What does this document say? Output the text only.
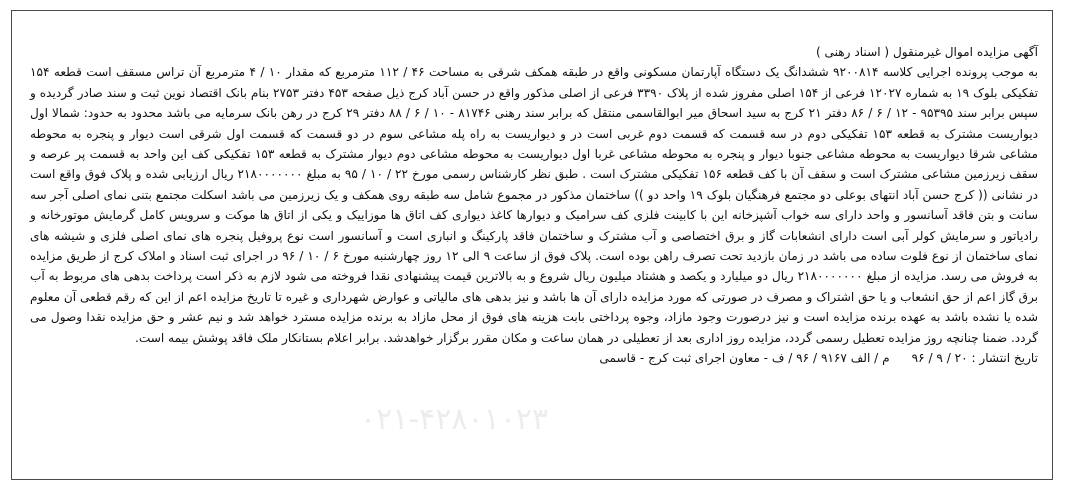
آگهی مزایده اموال غیرمنقول ( اسناد رهنی )

به موجب پرونده اجرایی کلاسه ۹۲۰۰۸۱۴ ششدانگ یک دستگاه آپارتمان مسکونی واقع در طبقه همکف شرقی به مساحت ۴۶ / ۱۱۲ مترمربع که مقدار ۱۰ / ۴ مترمربع آن تراس مسقف است قطعه ۱۵۴ تفکیکی بلوک ۱۹ به شماره ۱۲۰۲۷ فرعی از ۱۵۴ اصلی مفروز شده از پلاک ۳۳۹۰ فرعی از اصلی مذکور واقع در حسن آباد کرج ذیل صفحه ۴۵۳ دفتر ۲۷۵۳ بنام بانک اقتصاد نوین ثبت و سند صادر گردیده و سپس برابر سند ۹۵۳۹۵ - ۱۲ / ۶ / ۸۶ دفتر ۲۱ کرج به سید اسحاق میر ابوالقاسمی منتقل که برابر سند رهنی ۸۱۷۴۶ - ۱۰ / ۶ / ۸۸ دفتر ۲۹ کرج در رهن بانک سرمایه می باشد محدود به حدود: شمالا اول دیواریست مشترک به قطعه ۱۵۳ تفکیکی دوم در سه قسمت که قسمت دوم غربی است در و دیواریست به راه پله مشاعی سوم در دو قسمت که قسمت اول شرقی است دیوار و پنجره به محوطه مشاعی شرقا دیواریست به محوطه مشاعی جنوبا دیوار و پنجره به محوطه مشاعی غربا اول دیواریست به محوطه مشاعی دوم دیوار مشترک به قطعه ۱۵۳ تفکیکی کف این واحد به قسمت پر عرصه و سقف زیرزمین مشاعی مشترک است و سقف آن با کف قطعه ۱۵۶ تفکیکی مشترک است . طبق نظر کارشناس رسمی مورخ ۲۲ / ۱۰ / ۹۵ به مبلغ ۲۱۸۰۰۰۰۰۰۰ ریال ارزیابی شده و پلاک فوق واقع است در نشانی (( کرج حسن آباد انتهای بوعلی دو مجتمع فرهنگیان بلوک ۱۹ واحد دو )) ساختمان مذکور در مجموع شامل سه طبقه روی همکف و یک زیرزمین می باشد اسکلت مجتمع بتنی نمای اصلی آجر سه سانت و بتن فاقد آسانسور و واحد دارای سه خواب آشپزخانه این با کابینت فلزی کف سرامیک و دیوارها کاغذ دیواری کف اتاق ها موزاییک و یکی از اتاق ها موکت و سرویس کامل گرمایش موتورخانه و رادیاتور و سرمایش کولر آبی است دارای انشعابات گاز و برق اختصاصی و آب مشترک و ساختمان فاقد پارکینگ و انباری است و آسانسور است نوع پروفیل پنجره های نمای اصلی فلزی و شیشه های نمای ساختمان از نوع فلوت ساده می باشد در زمان بازدید تحت تصرف راهن بوده است. پلاک فوق از ساعت ۹ الی ۱۲ روز چهارشنبه مورخ ۶ / ۱۰ / ۹۶ در اجرای ثبت اسناد و املاک کرج از طریق مزایده به فروش می رسد. مزایده از مبلغ ۲۱۸۰۰۰۰۰۰۰ ریال دو میلیارد و یکصد و هشتاد میلیون ریال شروع و به بالاترین قیمت پیشنهادی نقدا فروخته می شود لازم به ذکر است پرداخت بدهی های مربوط به آب برق گاز اعم از حق انشعاب و یا حق اشتراک و مصرف در صورتی که مورد مزایده دارای آن ها باشد و نیز بدهی های مالیاتی و عوارض شهرداری و غیره تا تاریخ مزایده اعم از این که رقم قطعی آن معلوم شده یا نشده باشد به عهده برنده مزایده است و نیز درصورت وجود مازاد، وجوه پرداختی بابت هزینه های فوق از محل مازاد به برنده مزایده مسترد خواهد شد و نیم عشر و حق مزایده نقدا وصول می گردد. ضمنا چنانچه روز مزایده تعطیل رسمی گردد، مزایده روز اداری بعد از تعطیلی در همان ساعت و مکان مقرر برگزار خواهدشد. برابر اعلام بستانکار ملک فاقد پوشش بیمه است.

تاریخ انتشار : ۲۰ / ۹ / ۹۶م / الف ۹۱۶۷ / ۹۶ / ف - معاون اجرای ثبت کرج - قاسمی

۰۲۱-۴۲۸۰۱۰۲۳
